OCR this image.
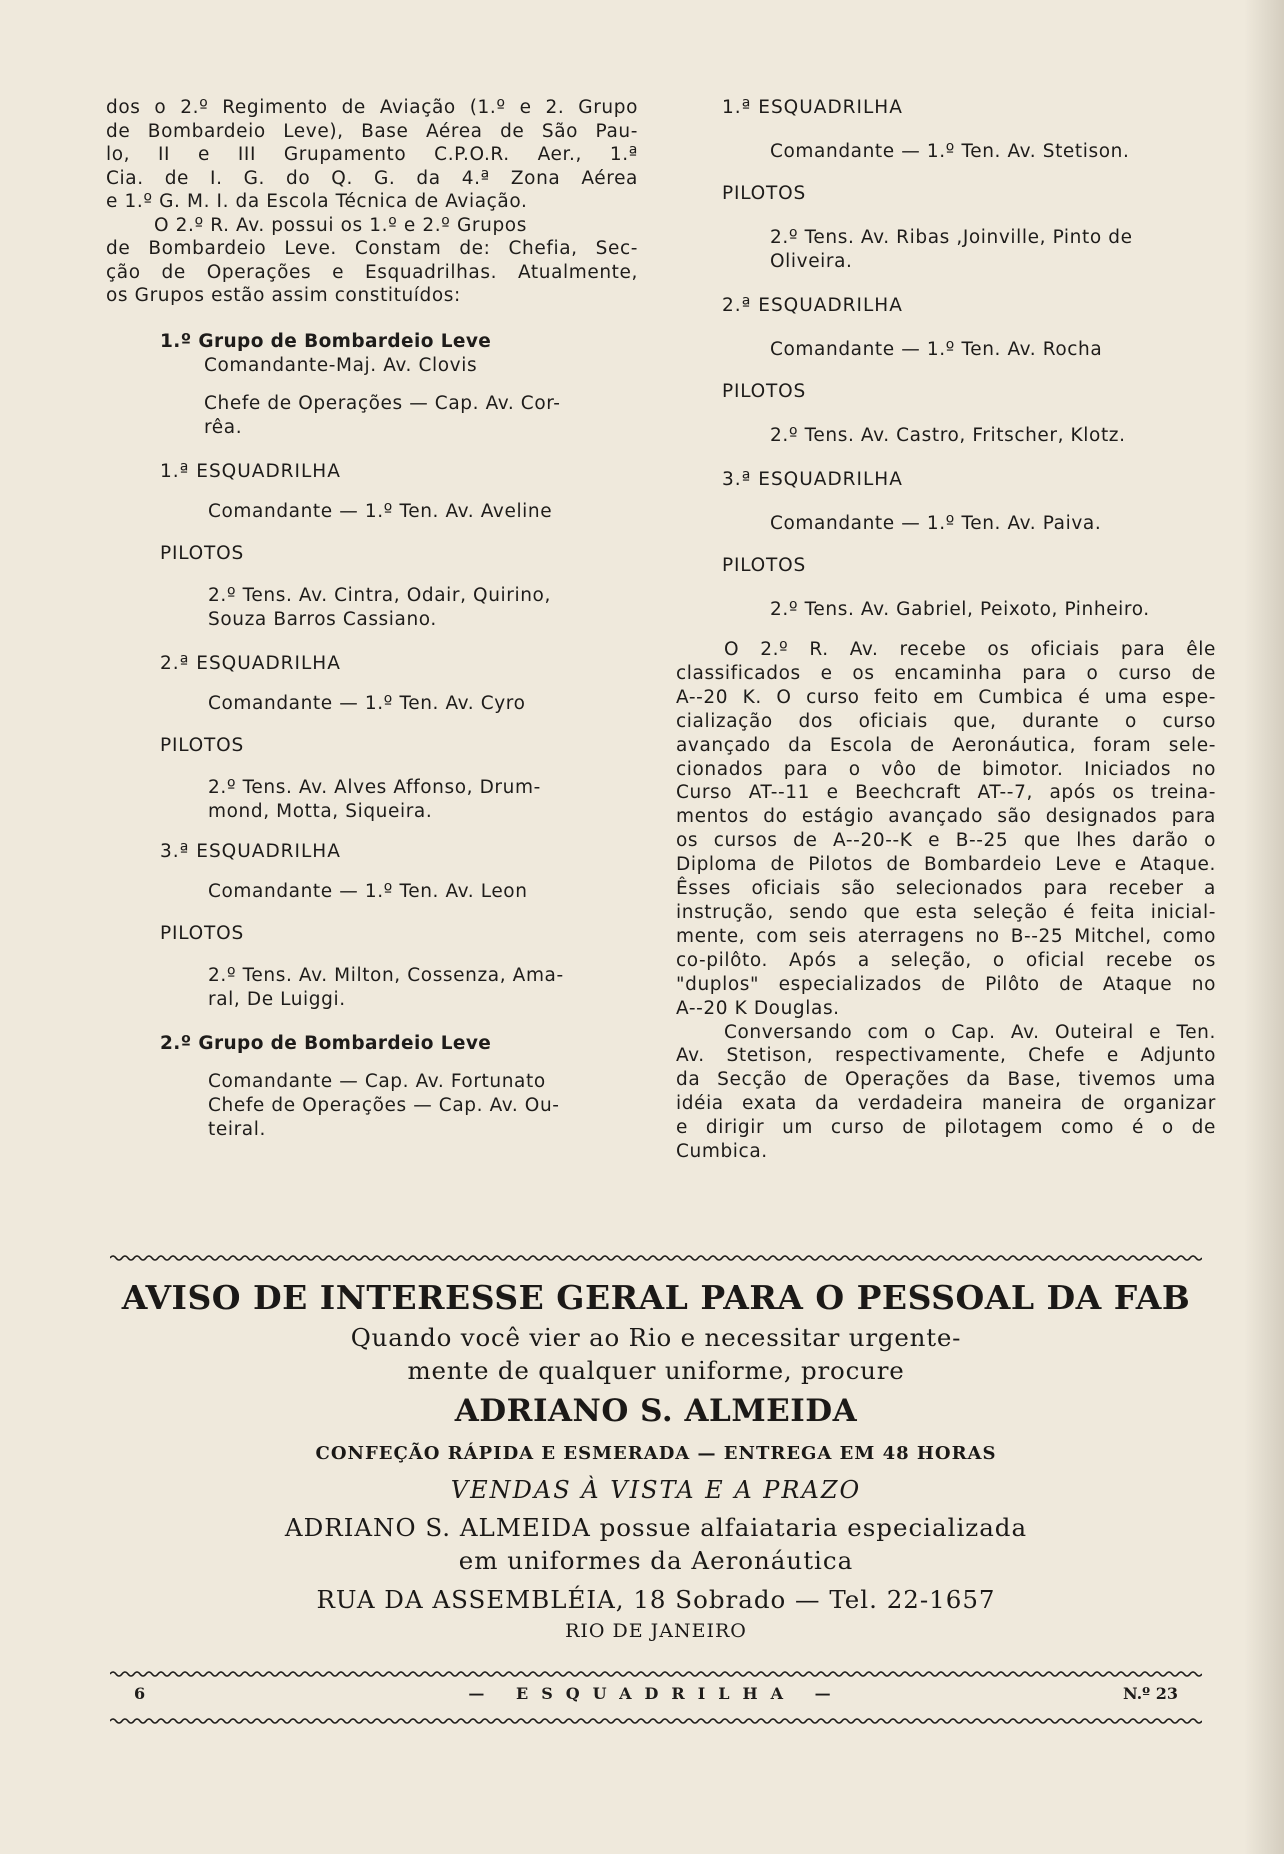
dos o 2.º Regimento de Aviação (1.º e 2. Grupo
de Bombardeio Leve), Base Aérea de São Pau-
lo, II e III Grupamento C.P.O.R. Aer., 1.ª
Cia. de I. G. do Q. G. da 4.ª Zona Aérea
e 1.º G. M. I. da Escola Técnica de Aviação.
O 2.º R. Av. possui os 1.º e 2.º Grupos
de Bombardeio Leve. Constam de: Chefia, Sec-
ção de Operações e Esquadrilhas. Atualmente,
os Grupos estão assim constituídos:
1.º Grupo de Bombardeio Leve
Comandante-Maj. Av. Clovis
Chefe de Operações — Cap. Av. Cor-
rêa.
1.ª ESQUADRILHA
Comandante — 1.º Ten. Av. Aveline
PILOTOS
2.º Tens. Av. Cintra, Odair, Quirino,
Souza Barros Cassiano.
2.ª ESQUADRILHA
Comandante — 1.º Ten. Av. Cyro
PILOTOS
2.º Tens. Av. Alves Affonso, Drum-
mond, Motta, Siqueira.
3.ª ESQUADRILHA
Comandante — 1.º Ten. Av. Leon
PILOTOS
2.º Tens. Av. Milton, Cossenza, Ama-
ral, De Luiggi.
2.º Grupo de Bombardeio Leve
Comandante — Cap. Av. Fortunato
Chefe de Operações — Cap. Av. Ou-
teiral.
1.ª ESQUADRILHA
Comandante — 1.º Ten. Av. Stetison.
PILOTOS
2.º Tens. Av. Ribas ,Joinville, Pinto de
Oliveira.
2.ª ESQUADRILHA
Comandante — 1.º Ten. Av. Rocha
PILOTOS
2.º Tens. Av. Castro, Fritscher, Klotz.
3.ª ESQUADRILHA
Comandante — 1.º Ten. Av. Paiva.
PILOTOS
2.º Tens. Av. Gabriel, Peixoto, Pinheiro.
O 2.º R. Av. recebe os oficiais para êle
classificados e os encaminha para o curso de
A--20 K. O curso feito em Cumbica é uma espe-
cialização dos oficiais que, durante o curso
avançado da Escola de Aeronáutica, foram sele-
cionados para o vôo de bimotor. Iniciados no
Curso AT--11 e Beechcraft AT--7, após os treina-
mentos do estágio avançado são designados para
os cursos de A--20--K e B--25 que lhes darão o
Diploma de Pilotos de Bombardeio Leve e Ataque.
Êsses oficiais são selecionados para receber a
instrução, sendo que esta seleção é feita inicial-
mente, com seis aterragens no B--25 Mitchel, como
co-pilôto. Após a seleção, o oficial recebe os
"duplos" especializados de Pilôto de Ataque no
A--20 K Douglas.
Conversando com o Cap. Av. Outeiral e Ten.
Av. Stetison, respectivamente, Chefe e Adjunto
da Secção de Operações da Base, tivemos uma
idéia exata da verdadeira maneira de organizar
e dirigir um curso de pilotagem como é o de
Cumbica.
AVISO DE INTERESSE GERAL PARA O PESSOAL DA FAB
Quando você vier ao Rio e necessitar urgente-
mente de qualquer uniforme, procure
ADRIANO S. ALMEIDA
CONFEÇÃO RÁPIDA E ESMERADA — ENTREGA EM 48 HORAS
VENDAS À VISTA E A PRAZO
ADRIANO S. ALMEIDA possue alfaiataria especializada
em uniformes da Aeronáutica
RUA DA ASSEMBLÉIA, 18 Sobrado — Tel. 22-1657
RIO DE JANEIRO
6	— ESQUADRILHA —	N.º 23
